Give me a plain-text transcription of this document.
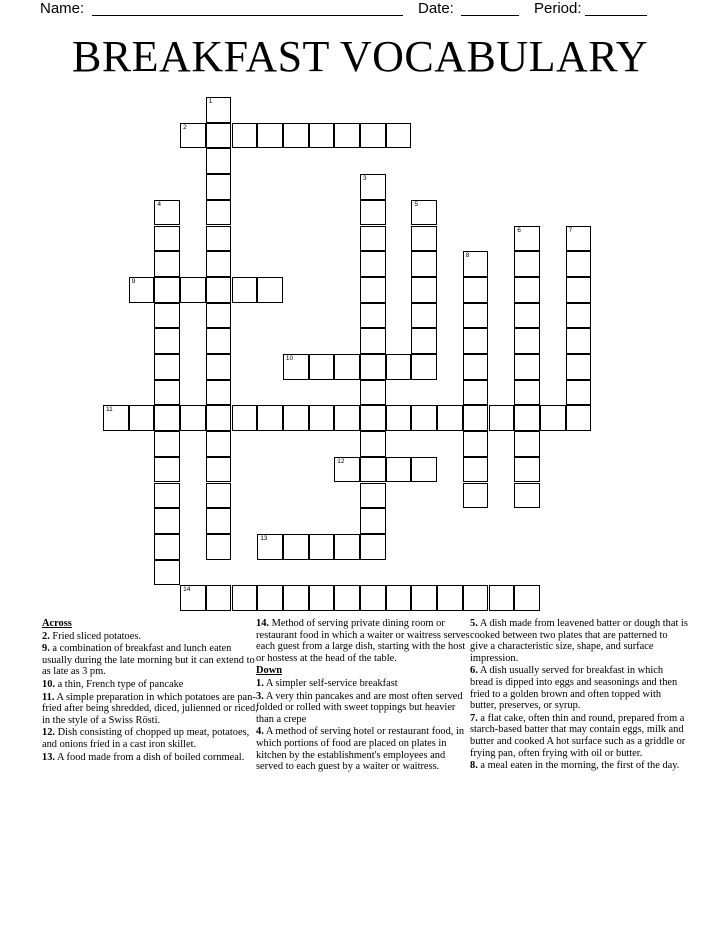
Name:	Date:	Period:
BREAKFAST VOCABULARY
2
9
10
11
12
13
14
1
3
4	5
6	7
8
Across
2. Fried sliced potatoes.
9. a combination of breakfast and lunch eaten usually during the late morning but it can extend to as late as 3 pm.
10. a thin, French type of pancake
11. A simple preparation in which potatoes are pan-fried after being shredded, diced, julienned or riced, in the style of a Swiss Rösti.
12. Dish consisting of chopped up meat, potatoes, and onions fried in a cast iron skillet.
13. A food made from a dish of boiled cornmeal.
14. Method of serving private dining room or restaurant food in which a waiter or waitress serves each guest from a large dish, starting with the host or hostess at the head of the table.
Down
1. A simpler self-service breakfast
3. A very thin pancakes and are most often served folded or rolled with sweet toppings but heavier than a crepe
4. A method of serving hotel or restaurant food, in which portions of food are placed on plates in kitchen by the establishment's employees and served to each guest by a waiter or waitress.
5. A dish made from leavened batter or dough that is cooked between two plates that are patterned to give a characteristic size, shape, and surface impression.
6. A dish usually served for breakfast in which bread is dipped into eggs and seasonings and then fried to a golden brown and often topped with butter, preserves, or syrup.
7. a flat cake, often thin and round, prepared from a starch-based batter that may contain eggs, milk and butter and cooked A hot surface such as a griddle or frying pan, often frying with oil or butter.
8. a meal eaten in the morning, the first of the day.
